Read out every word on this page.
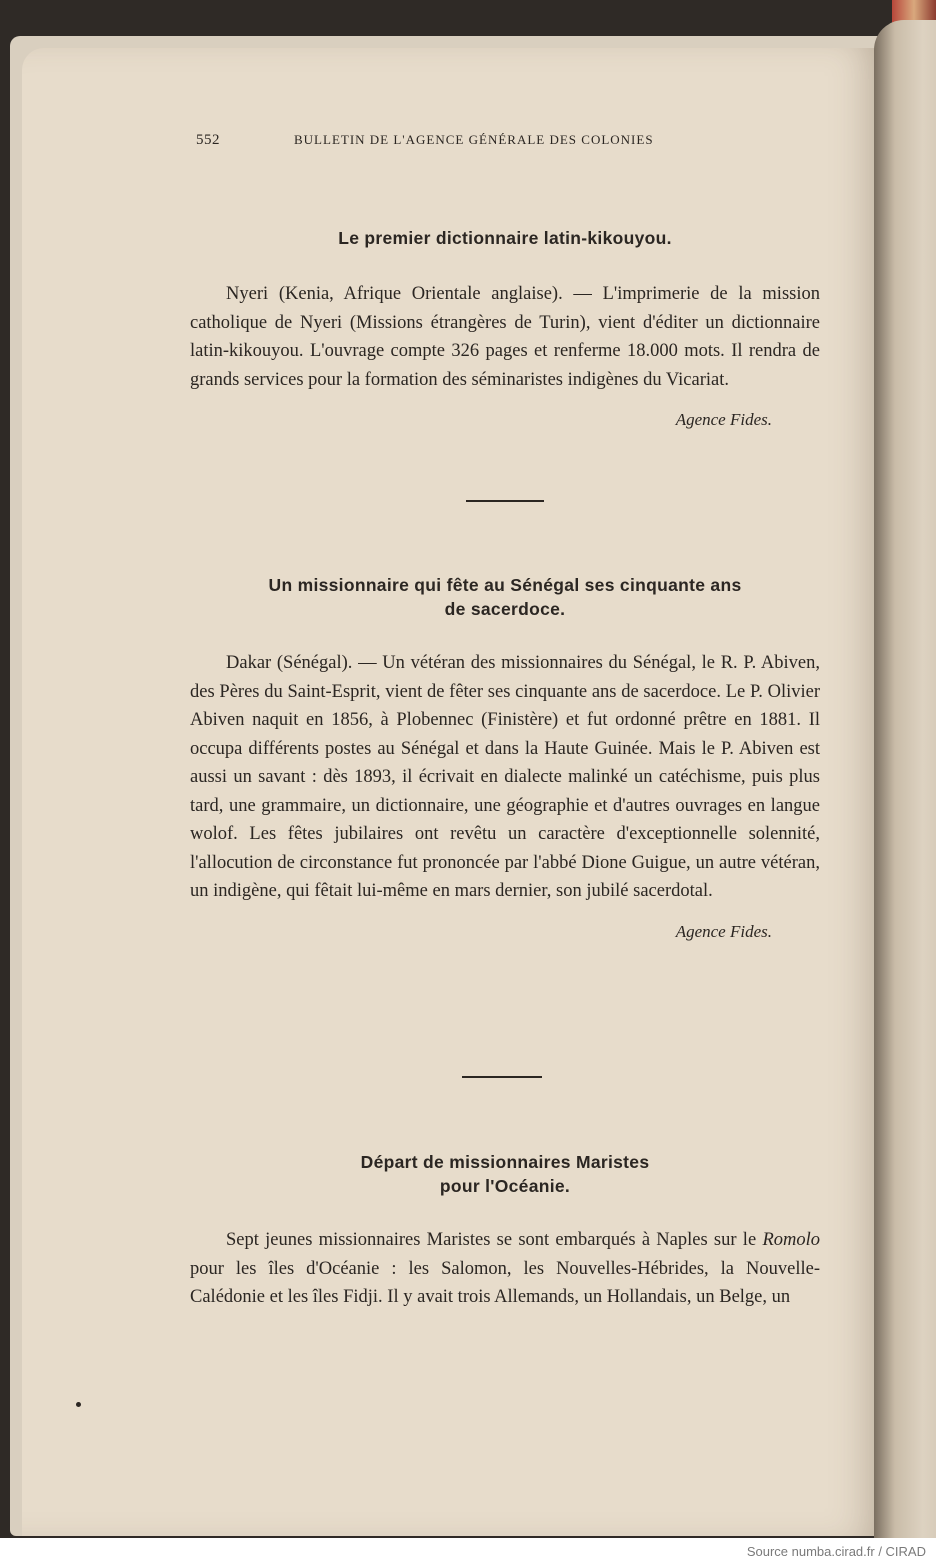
552	BULLETIN DE L'AGENCE GÉNÉRALE DES COLONIES
Le premier dictionnaire latin-kikouyou.

Nyeri (Kenia, Afrique Orientale anglaise). — L'imprimerie de la mission catholique de Nyeri (Missions étrangères de Turin), vient d'éditer un dictionnaire latin-kikouyou. L'ouvrage compte 326 pages et renferme 18.000 mots. Il rendra de grands services pour la formation des séminaristes indigènes du Vicariat.

Agence Fides.
Un missionnaire qui fête au Sénégal ses cinquante ans
de sacerdoce.

Dakar (Sénégal). — Un vétéran des missionnaires du Sénégal, le R. P. Abiven, des Pères du Saint-Esprit, vient de fêter ses cinquante ans de sacerdoce. Le P. Olivier Abiven naquit en 1856, à Plobennec (Finistère) et fut ordonné prêtre en 1881. Il occupa différents postes au Sénégal et dans la Haute Guinée. Mais le P. Abiven est aussi un savant : dès 1893, il écrivait en dialecte malinké un catéchisme, puis plus tard, une grammaire, un dictionnaire, une géographie et d'autres ouvrages en langue wolof. Les fêtes jubilaires ont revêtu un caractère d'exceptionnelle solennité, l'allocution de circonstance fut prononcée par l'abbé Dione Guigue, un autre vétéran, un indigène, qui fêtait lui-même en mars dernier, son jubilé sacerdotal.

Agence Fides.
Départ de missionnaires Maristes
pour l'Océanie.

Sept jeunes missionnaires Maristes se sont embarqués à Naples sur le Romolo pour les îles d'Océanie : les Salomon, les Nouvelles-Hébrides, la Nouvelle-Calédonie et les îles Fidji. Il y avait trois Allemands, un Hollandais, un Belge, un

Source numba.cirad.fr / CIRAD
